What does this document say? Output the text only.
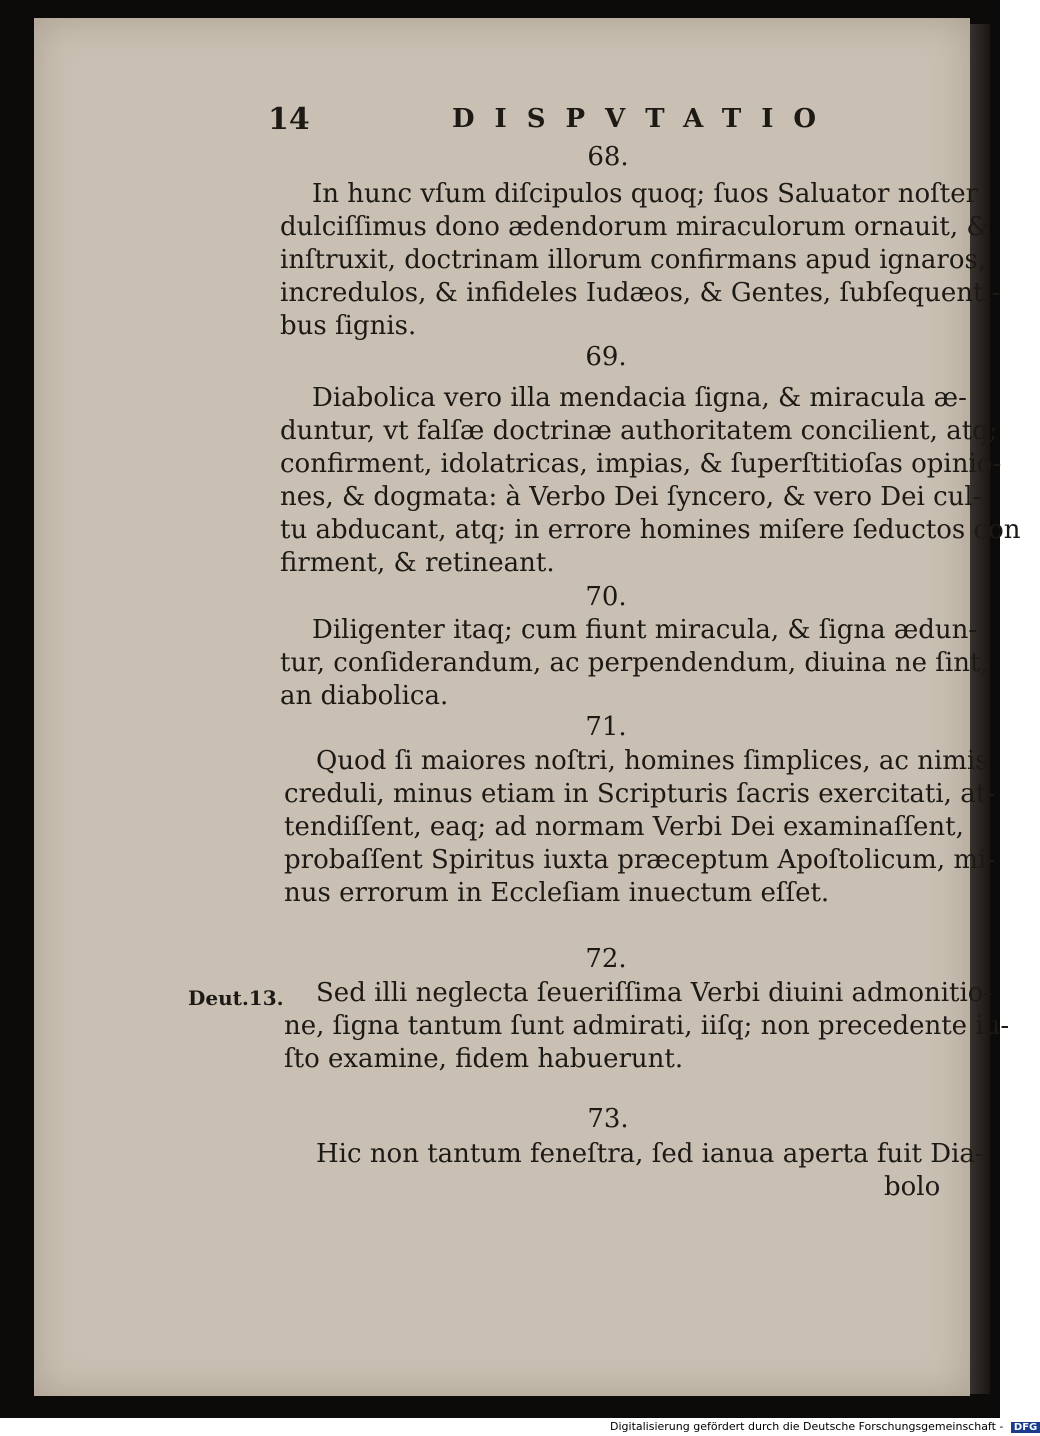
14	DISPVTATIO
68.
In hunc vſum diſcipulos quoq; ſuos Saluator noſter
dulciſſimus dono ædendorum miraculorum ornauit, &
inſtruxit, doctrinam illorum confirmans apud ignaros,
incredulos, & infideles Iudæos, & Gentes, ſubſequenti-
bus ſignis.
69.
Diabolica vero illa mendacia ſigna, & miracula æ-
duntur, vt falſæ doctrinæ authoritatem concilient, atq;
confirment, idolatricas, impias, & ſuperſtitioſas opinio-
nes, & dogmata: à Verbo Dei ſyncero, & vero Dei cul-
tu abducant, atq; in errore homines miſere ſeductos con
firment, & retineant.
70.
Diligenter itaq; cum fiunt miracula, & ſigna ædun-
tur, conſiderandum, ac perpendendum, diuina ne ſint,
an diabolica.
71.
Quod ſi maiores noſtri, homines ſimplices, ac nimis
creduli, minus etiam in Scripturis ſacris exercitati, at-
tendiſſent, eaq; ad normam Verbi Dei examinaſſent,
probaſſent Spiritus iuxta præceptum Apoſtolicum, mi-
nus errorum in Eccleſiam inuectum eſſet.
72.
Deut.13. Sed illi neglecta ſeueriſſima Verbi diuini admonitio-
ne, ſigna tantum ſunt admirati, iiſq; non precedente iu-
ſto examine, fidem habuerunt.
73.
Hic non tantum feneſtra, ſed ianua aperta fuit Dia-
bolo
Digitalisierung gefördert durch die Deutsche Forschungsgemeinschaft - DFG
